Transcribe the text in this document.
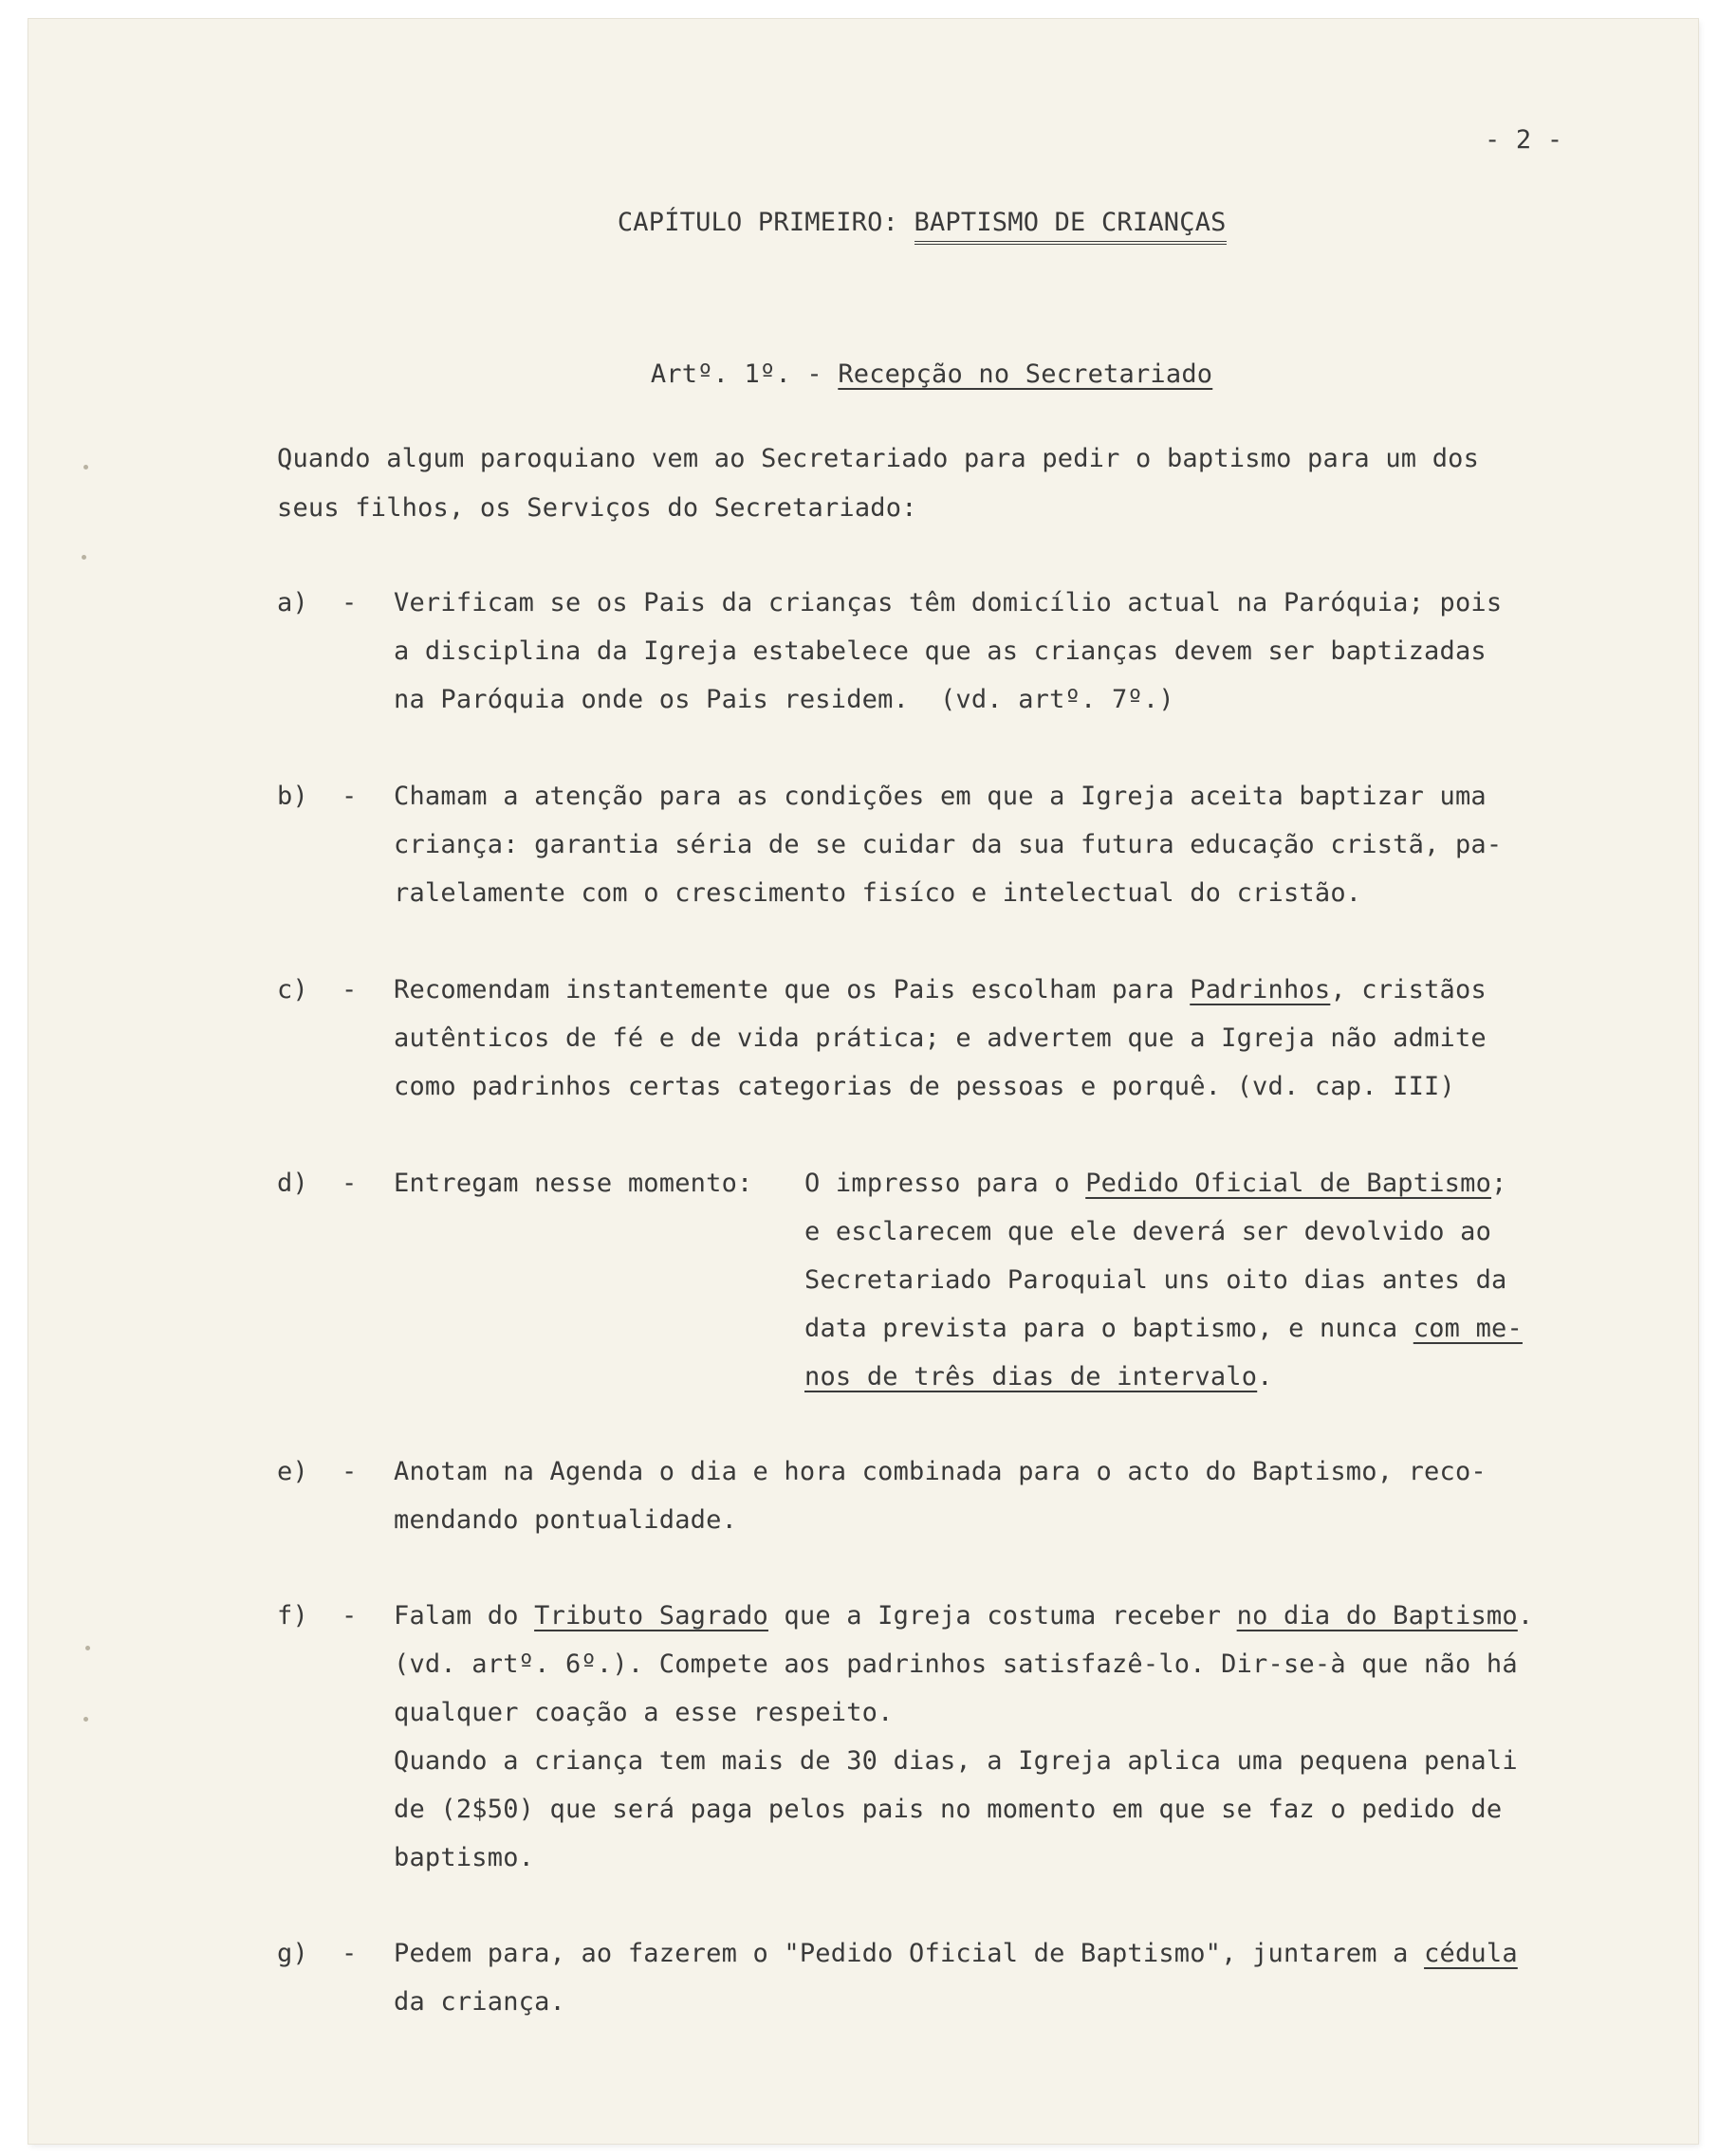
- 2 -

CAPÍTULO PRIMEIRO: BAPTISMO DE CRIANÇAS

Artº. 1º. - Recepção no Secretariado

Quando algum paroquiano vem ao Secretariado para pedir o baptismo para um dos
seus filhos, os Serviços do Secretariado:
a) - Verificam se os Pais da crianças têm domicílio actual na Paróquia; pois
a disciplina da Igreja estabelece que as crianças devem ser baptizadas
na Paróquia onde os Pais residem.  (vd. artº. 7º.)
b) - Chamam a atenção para as condições em que a Igreja aceita baptizar uma
criança: garantia séria de se cuidar da sua futura educação cristã, pa-
ralelamente com o crescimento fisíco e intelectual do cristão.
c) - Recomendam instantemente que os Pais escolham para Padrinhos, cristãos
autênticos de fé e de vida prática; e advertem que a Igreja não admite
como padrinhos certas categorias de pessoas e porquê. (vd. cap. III)
d) - Entregam nesse momento: O impresso para o Pedido Oficial de Baptismo;
e esclarecem que ele deverá ser devolvido ao
Secretariado Paroquial uns oito dias antes da
data prevista para o baptismo, e nunca com me-
nos de três dias de intervalo.
e) - Anotam na Agenda o dia e hora combinada para o acto do Baptismo, reco-
mendando pontualidade.
f) - Falam do Tributo Sagrado que a Igreja costuma receber no dia do Baptismo.
(vd. artº. 6º.). Compete aos padrinhos satisfazê-lo. Dir-se-à que não há
qualquer coação a esse respeito.
Quando a criança tem mais de 30 dias, a Igreja aplica uma pequena penali
de (2$50) que será paga pelos pais no momento em que se faz o pedido de
baptismo.
g) - Pedem para, ao fazerem o "Pedido Oficial de Baptismo", juntarem a cédula
da criança.
